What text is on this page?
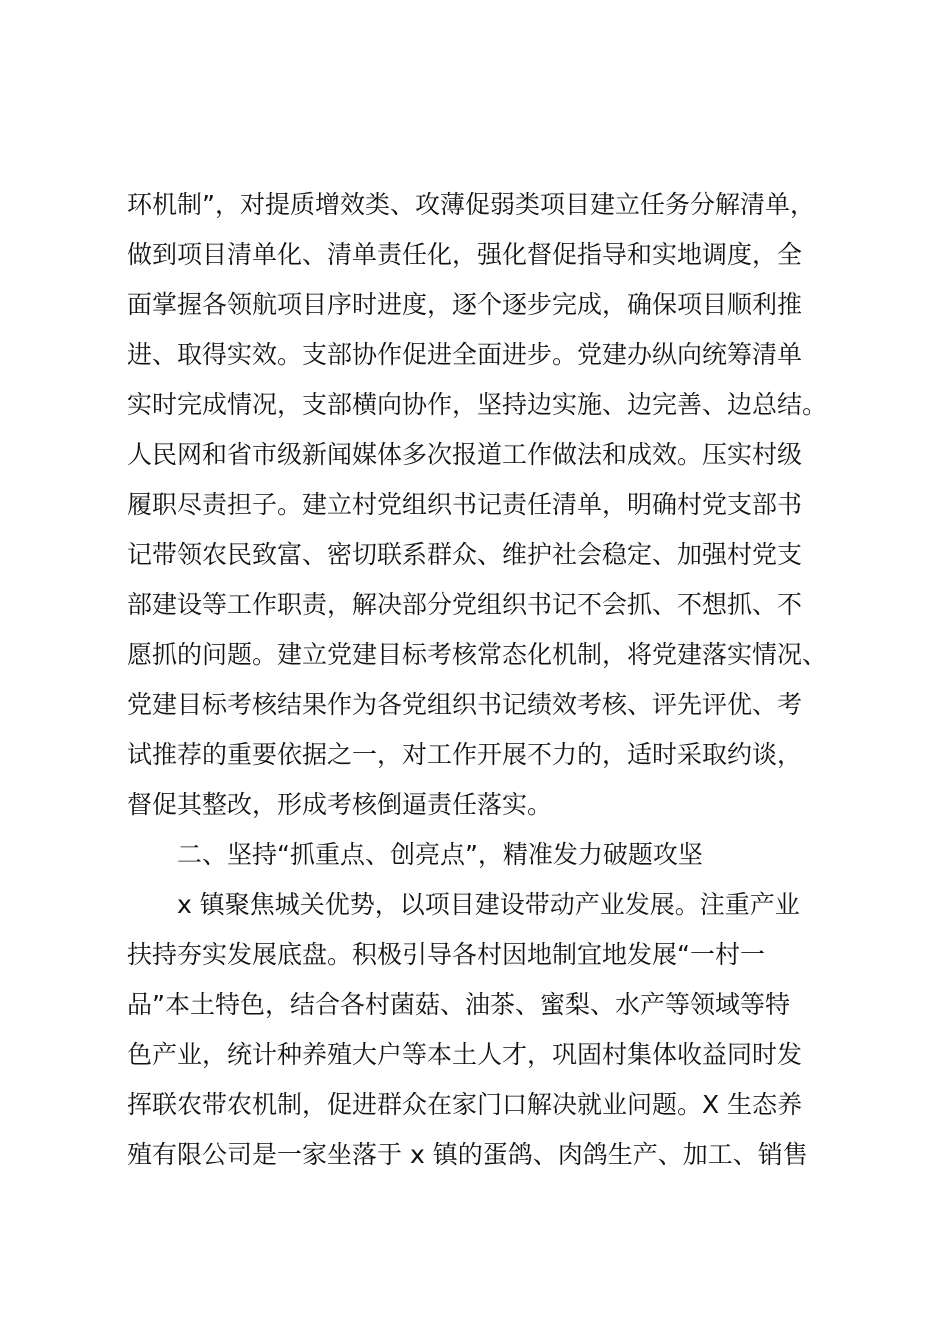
环机制”，对提质增效类、攻薄促弱类项目建立任务分解清单，
做到项目清单化、清单责任化，强化督促指导和实地调度，全
面掌握各领航项目序时进度，逐个逐步完成，确保项目顺利推
进、取得实效。支部协作促进全面进步。党建办纵向统筹清单
实时完成情况，支部横向协作，坚持边实施、边完善、边总结。
人民网和省市级新闻媒体多次报道工作做法和成效。压实村级
履职尽责担子。建立村党组织书记责任清单，明确村党支部书
记带领农民致富、密切联系群众、维护社会稳定、加强村党支
部建设等工作职责，解决部分党组织书记不会抓、不想抓、不
愿抓的问题。建立党建目标考核常态化机制，将党建落实情况、
党建目标考核结果作为各党组织书记绩效考核、评先评优、考
试推荐的重要依据之一，对工作开展不力的，适时采取约谈，
督促其整改，形成考核倒逼责任落实。
二、坚持“抓重点、创亮点”，精准发力破题攻坚
x 镇聚焦城关优势，以项目建设带动产业发展。注重产业
扶持夯实发展底盘。积极引导各村因地制宜地发展“一村一
品”本土特色，结合各村菌菇、油茶、蜜梨、水产等领域等特
色产业，统计种养殖大户等本土人才，巩固村集体收益同时发
挥联农带农机制，促进群众在家门口解决就业问题。X 生态养
殖有限公司是一家坐落于 x 镇的蛋鸽、肉鸽生产、加工、销售
